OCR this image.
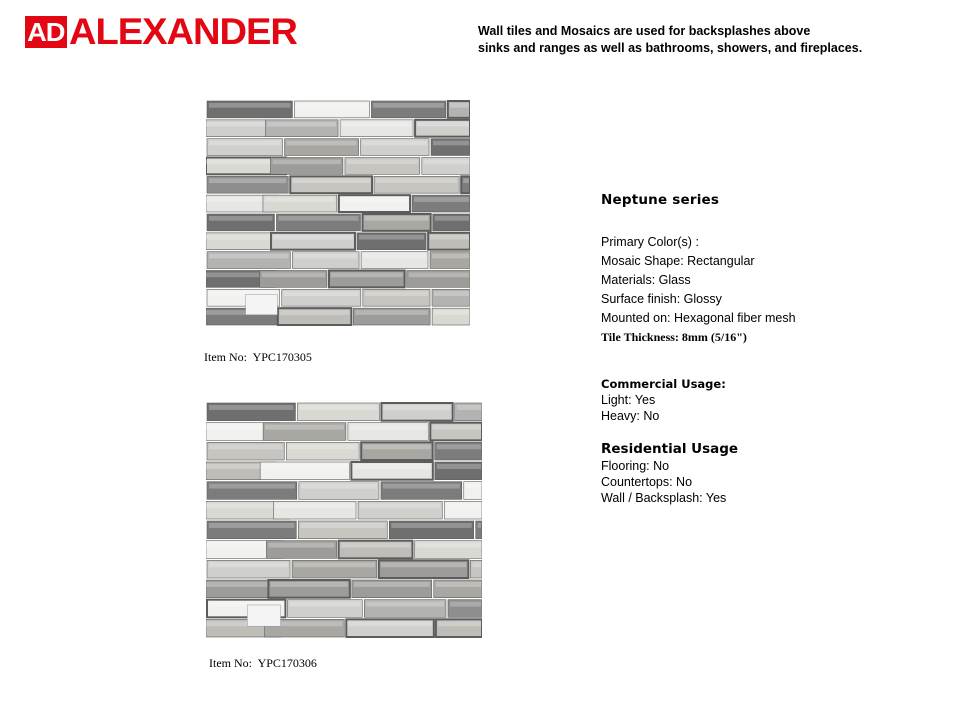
AD ALEXANDER	Wall tiles and Mosaics are used for backsplashes above
sinks and ranges as well as bathrooms, showers, and fireplaces.
Item No: YPC170305
Item No: YPC170306
Neptune series
Primary Color(s) :
Mosaic Shape: Rectangular
Materials: Glass
Surface finish: Glossy
Mounted on: Hexagonal fiber mesh
Tile Thickness: 8mm (5/16")
Commercial Usage:
Light: Yes
Heavy: No
Residential Usage
Flooring: No
Countertops: No
Wall / Backsplash: Yes
